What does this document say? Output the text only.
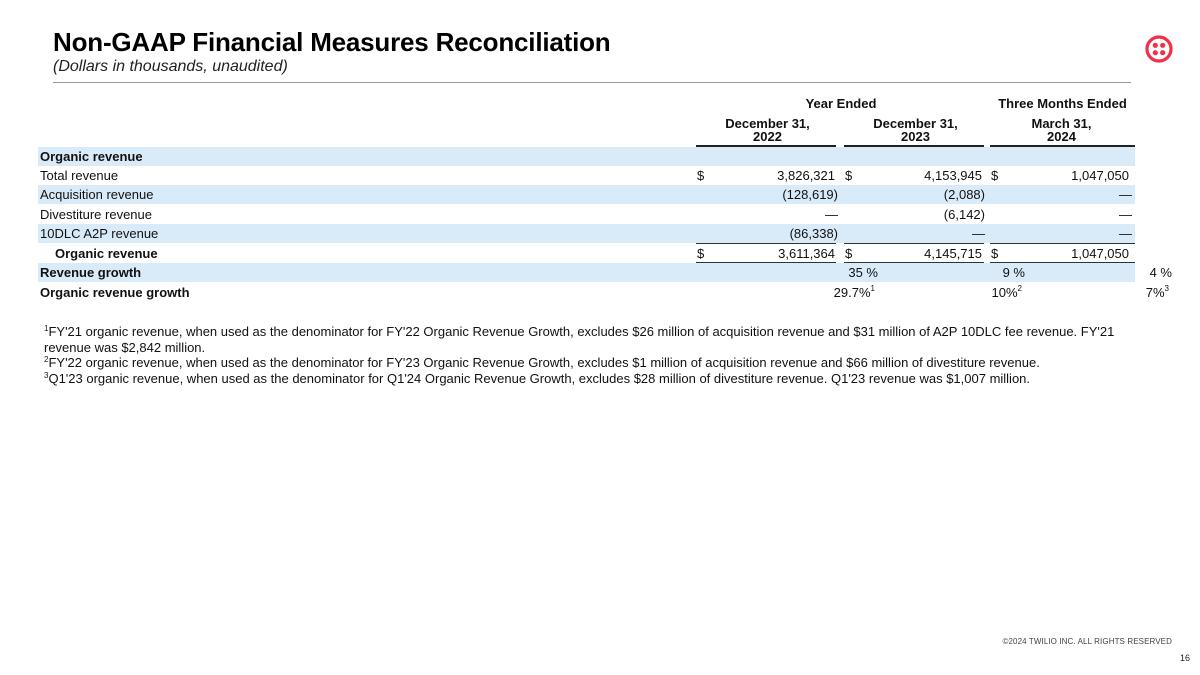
Non-GAAP Financial Measures Reconciliation
(Dollars in thousands, unaudited)
Year Ended	Three Months Ended
December 31,
2022
December 31,
2023
March 31,
2024
Organic revenue
Total revenue	$	3,826,321 $	4,153,945 $	1,047,050
Acquisition revenue	(128,619)	(2,088)	—
Divestiture revenue	—	(6,142)	—
10DLC A2P revenue	(86,338)	—	—
Organic revenue	$	3,611,364 $	4,145,715 $	1,047,050
Revenue growth	35 %	9 %	4 %
Organic revenue growth	29.7%$^1$	10%$^2$	7%$^3$

$^1$FY'21 organic revenue, when used as the denominator for FY'22 Organic Revenue Growth, excludes $26 million of acquisition revenue and $31 million of A2P 10DLC fee revenue. FY'21 revenue was $2,842 million.

$^2$FY'22 organic revenue, when used as the denominator for FY'23 Organic Revenue Growth, excludes $1 million of acquisition revenue and $66 million of divestiture revenue.

$^3$Q1'23 organic revenue, when used as the denominator for Q1'24 Organic Revenue Growth, excludes $28 million of divestiture revenue. Q1'23 revenue was $1,007 million.

©2024 TWILIO INC. ALL RIGHTS RESERVED
16
